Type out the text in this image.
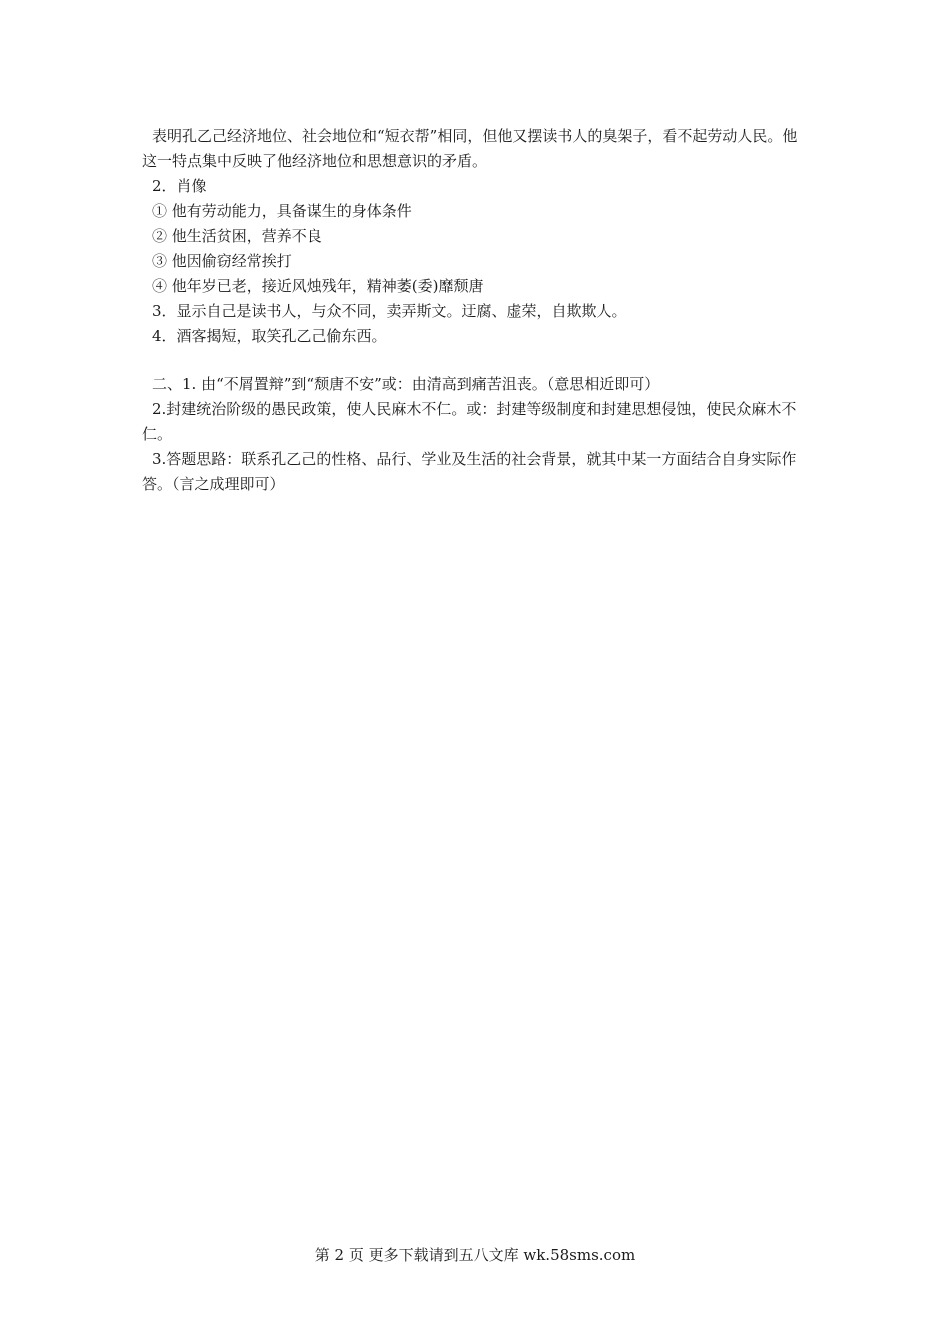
表明孔乙己经济地位、社会地位和“短衣帮”相同，但他又摆读书人的臭架子，看不起劳动人民。他这一特点集中反映了他经济地位和思想意识的矛盾。

2．肖像

① 他有劳动能力，具备谋生的身体条件

② 他生活贫困，营养不良

③ 他因偷窃经常挨打

④ 他年岁已老，接近风烛残年，精神萎(委)靡颓唐

3．显示自己是读书人，与众不同，卖弄斯文。迂腐、虚荣，自欺欺人。

4．酒客揭短，取笑孔乙己偷东西。

二、1. 由“不屑置辩”到“颓唐不安”或：由清高到痛苦沮丧。（意思相近即可）

2.封建统治阶级的愚民政策，使人民麻木不仁。或：封建等级制度和封建思想侵蚀，使民众麻木不仁。

3.答题思路：联系孔乙己的性格、品行、学业及生活的社会背景，就其中某一方面结合自身实际作答。（言之成理即可）

第 2 页 更多下载请到五八文库 wk.58sms.com
